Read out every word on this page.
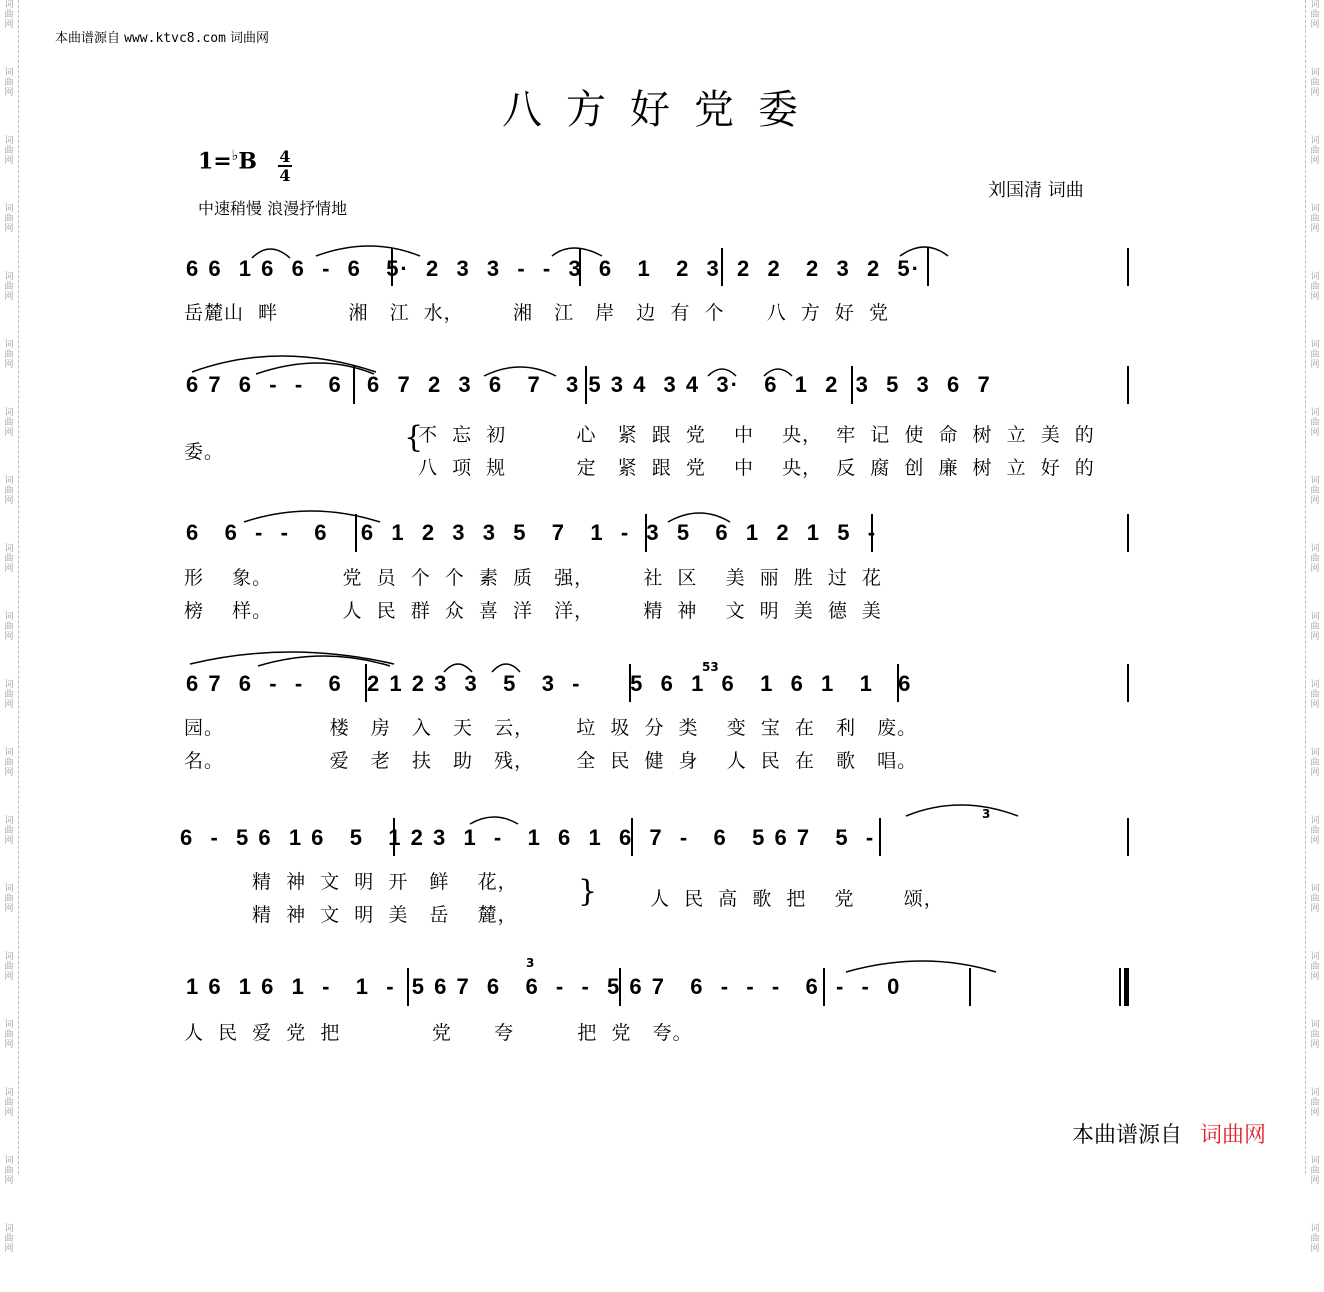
词
曲
网
词
曲
网
词
曲
网
词
曲
网
词
曲
网
词
曲
网
词
曲
网
词
曲
网
词
曲
网
词
曲
网
词
曲
网
词
曲
网
词
曲
网
词
曲
网
词
曲
网
词
曲
网
词
曲
网
词
曲
网
词
曲
网
词
曲
网
词
曲
网
词
曲
网
词
曲
网
词
曲
网
词
曲
网
词
曲
网
词
曲
网
词
曲
网
词
曲
网
词
曲
网
词
曲
网
词
曲
网
词
曲
网
词
曲
网
词
曲
网
词
曲
网
词
曲
网
词
曲
网
本曲谱源自 www.ktvc8.com 词曲网
八方好党委
1=♭B 4
4
中速稍慢 浪漫抒情地
刘国清 词曲
6 6  1 6  6  -  6   5·  2  3  3  -  -  3  6   1   2  3  2  2   2  3  2  5·
岳麓山  畔          湘   江  水，       湘   江   岸   边  有  个      八  方  好  党
6 7  6  -  -   6   6  7  2  3  6   7   3 5 3 4  3 4  3·   6  1  2  3  5  3  6  7
委。	{
不  忘  初          心   紧  跟  党    中    央，  牢  记  使  命  树  立  美  的
八  项  规          定   紧  跟  党    中    央，  反  腐  创  廉  树  立  好  的
6   6  -  -   6    6  1  2  3  3  5   7   1  -  3  5   6  1  2  1  5  -
形    象。          党  员  个  个  素  质   强，       社  区    美  丽  胜  过  花
榜    样。          人  民  群  众  喜  洋   洋，       精  神    文  明  美  德  美
6 7  6  -  -   6   2 1 2 3  3   5   3  -      5  6  1  6   1  6  1   1   6
53
园。               楼   房   入   天   云，      垃  圾  分  类    变  宝  在   利   废。
名。               爱   老   扶   助   残，      全  民  健  身    人  民  在   歌   唱。
6  -  5 6  1 6   5   1 2 3  1  -   1  6  1  6  7  -   6   5 6 7   5  -
3
精  神  文  明  开   鲜    花，
精  神  文  明  美   岳    麓，
}	人  民  高  歌  把    党       颂，
1 6  1 6  1  -   1  -  5 6 7  6   6  -  -  5 6 7   6  -  -  -   6  -  -  0
3
人  民  爱  党  把             党      夸         把  党   夸。
本曲谱源自 词曲网
